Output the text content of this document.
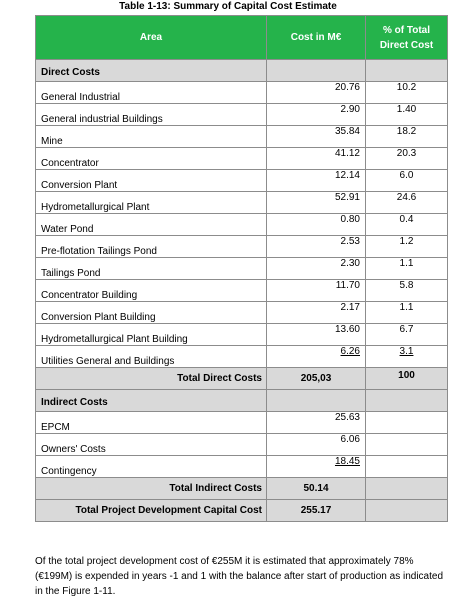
Table 1-13: Summary of Capital Cost Estimate
Area	Cost in M€	% of Total Direct Cost
Direct Costs		
General Industrial	20.76	10.2
General industrial Buildings	2.90	1.40
Mine	35.84	18.2
Concentrator	41.12	20.3
Conversion Plant	12.14	6.0
Hydrometallurgical Plant	52.91	24.6
Water Pond	0.80	0.4
Pre-flotation Tailings Pond	2.53	1.2
Tailings Pond	2.30	1.1
Concentrator Building	11.70	5.8
Conversion Plant Building	2.17	1.1
Hydrometallurgical Plant Building	13.60	6.7
Utilities General and Buildings	6.26	3.1
Total Direct Costs	205,03	100
Indirect Costs		
EPCM	25.63	
Owners' Costs	6.06	
Contingency	18.45	
Total Indirect Costs	50.14	
Total Project Development Capital Cost	255.17	
Of the total project development cost of €255M it is estimated that approximately 78% (€199M) is expended in years -1 and 1 with the balance after start of production as indicated in the Figure 1-11.
